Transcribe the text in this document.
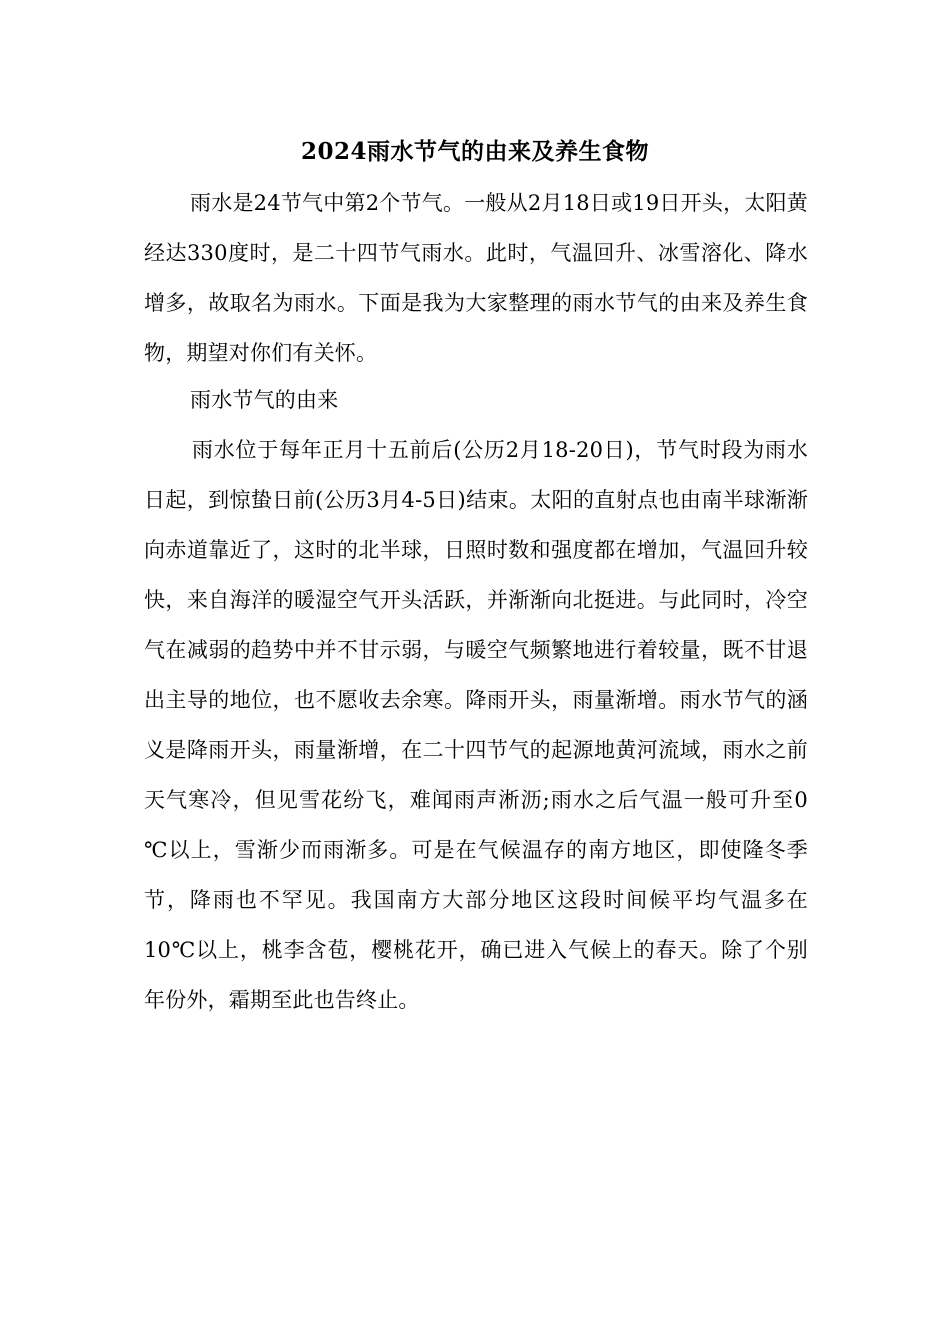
2024雨水节气的由来及养生食物

雨水是24节气中第2个节气。一般从2月18日或19日开头，太阳黄经达330度时，是二十四节气雨水。此时，气温回升、冰雪溶化、降水增多，故取名为雨水。下面是我为大家整理的雨水节气的由来及养生食物，期望对你们有关怀。

雨水节气的由来

雨水位于每年正月十五前后(公历2月18-20日)，节气时段为雨水日起，到惊蛰日前(公历3月4-5日)结束。太阳的直射点也由南半球渐渐向赤道靠近了，这时的北半球，日照时数和强度都在增加，气温回升较快，来自海洋的暖湿空气开头活跃，并渐渐向北挺进。与此同时，冷空气在减弱的趋势中并不甘示弱，与暖空气频繁地进行着较量，既不甘退出主导的地位，也不愿收去余寒。降雨开头，雨量渐增。雨水节气的涵义是降雨开头，雨量渐增，在二十四节气的起源地黄河流域，雨水之前天气寒冷，但见雪花纷飞，难闻雨声淅沥;雨水之后气温一般可升至0 ℃以上，雪渐少而雨渐多。可是在气候温存的南方地区，即使隆冬季节，降雨也不罕见。我国南方大部分地区这段时间候平均气温多在10℃以上，桃李含苞，樱桃花开，确已进入气候上的春天。除了个别年份外，霜期至此也告终止。
